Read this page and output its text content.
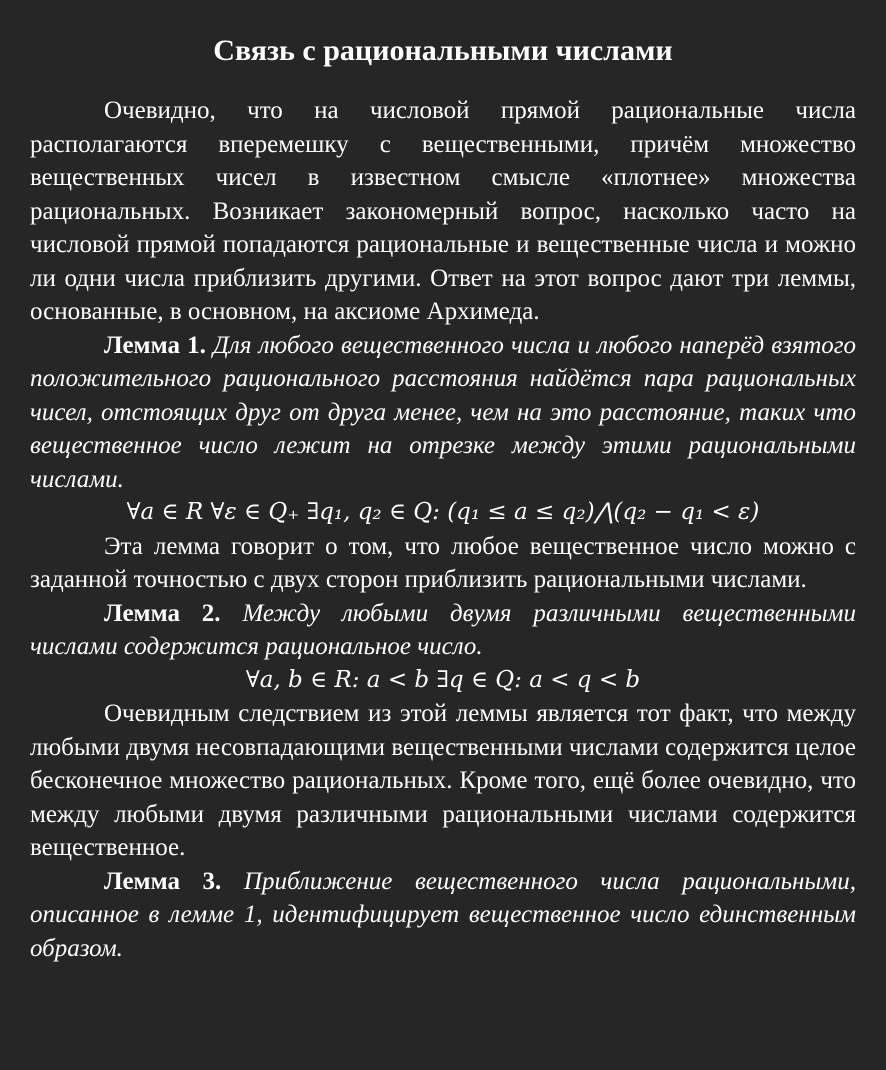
Связь с рациональными числами

Очевидно, что на числовой прямой рациональные числа располагаются вперемешку с вещественными, причём множество вещественных чисел в известном смысле «плотнее» множества рациональных. Возникает закономерный вопрос, насколько часто на числовой прямой попадаются рациональные и вещественные числа и можно ли одни числа приблизить другими. Ответ на этот вопрос дают три леммы, основанные, в основном, на аксиоме Архимеда.

Лемма 1. Для любого вещественного числа и любого наперёд взятого положительного рационального расстояния найдётся пара рациональных чисел, отстоящих друг от друга менее, чем на это расстояние, таких что вещественное число лежит на отрезке между этими рациональными числами.

∀a ∈ R ∀ε ∈ Q₊ ∃q₁, q₂ ∈ Q: (q₁ ≤ a ≤ q₂)⋀(q₂ − q₁ < ε)

Эта лемма говорит о том, что любое вещественное число можно с заданной точностью с двух сторон приблизить рациональными числами.

Лемма 2. Между любыми двумя различными вещественными числами содержится рациональное число.

∀a, b ∈ R: a < b ∃q ∈ Q: a < q < b

Очевидным следствием из этой леммы является тот факт, что между любыми двумя несовпадающими вещественными числами содержится целое бесконечное множество рациональных. Кроме того, ещё более очевидно, что между любыми двумя различными рациональными числами содержится вещественное.

Лемма 3. Приближение вещественного числа рациональными, описанное в лемме 1, идентифицирует вещественное число единственным образом.
